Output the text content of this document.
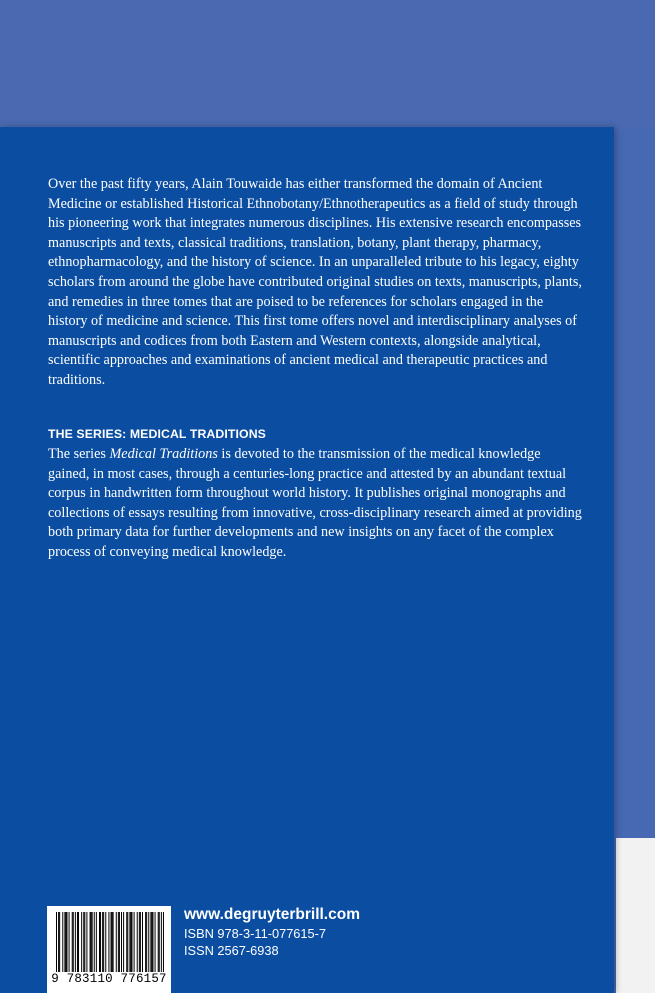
Over the past fifty years, Alain Touwaide has either transformed the domain of Ancient Medicine or established Historical Ethnobotany/Ethnotherapeutics as a field of study through his pioneering work that integrates numerous disciplines. His extensive research encompasses manuscripts and texts, classical traditions, translation, botany, plant therapy, pharmacy, ethnopharmacology, and the history of science. In an unparalleled tribute to his legacy, eighty scholars from around the globe have contributed original studies on texts, manuscripts, plants, and remedies in three tomes that are poised to be references for scholars engaged in the history of medicine and science. This first tome offers novel and interdisciplinary analyses of manuscripts and codices from both Eastern and Western contexts, alongside analytical, scientific approaches and examinations of ancient medical and therapeutic practices and traditions.

THE SERIES: MEDICAL TRADITIONS

The series Medical Traditions is devoted to the transmission of the medical knowledge gained, in most cases, through a centuries-long practice and attested by an abundant textual corpus in handwritten form throughout world history. It publishes original monographs and collections of essays resulting from innovative, cross-disciplinary research aimed at providing both primary data for further developments and new insights on any facet of the complex process of conveying medical knowledge.

9 783110 776157

www.degruyterbrill.com

ISBN 978-3-11-077615-7

ISSN 2567-6938
